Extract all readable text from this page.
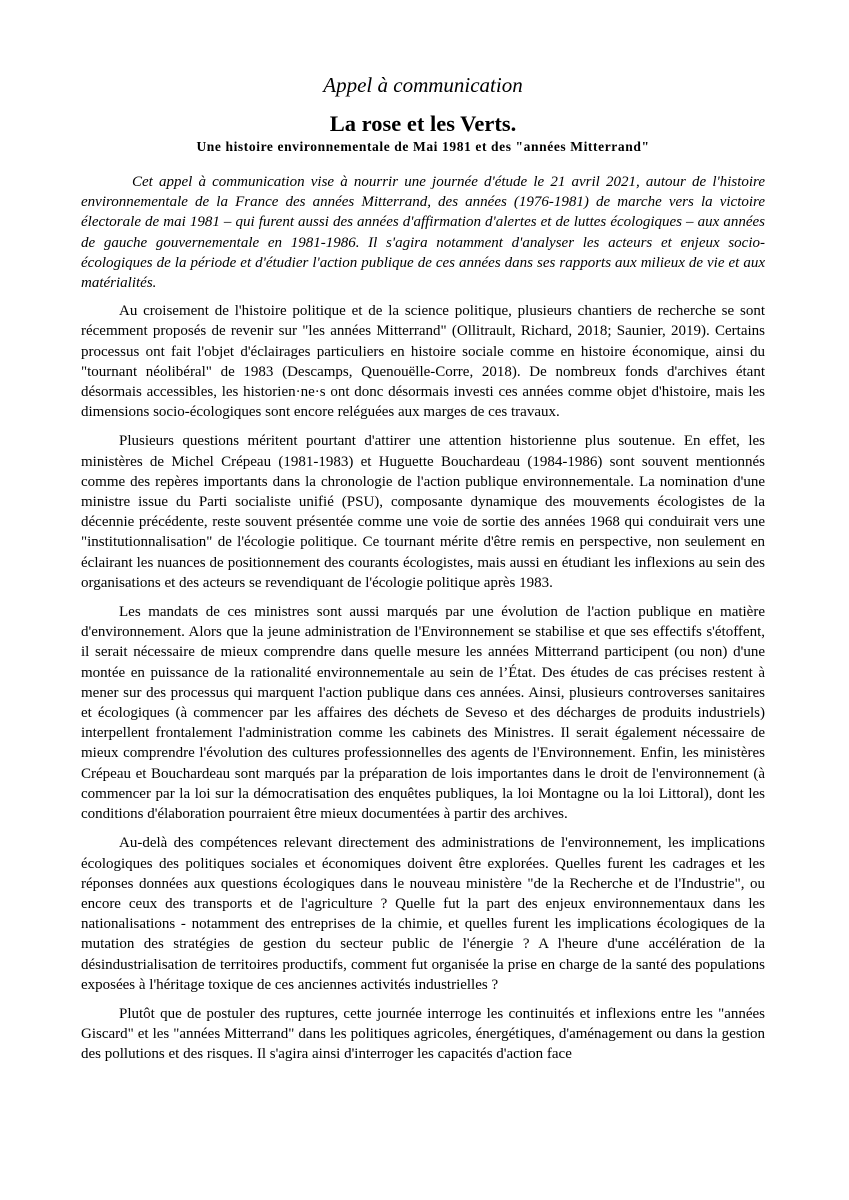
Appel à communication

La rose et les Verts.

Une histoire environnementale de Mai 1981 et des "années Mitterrand"

Cet appel à communication vise à nourrir une journée d'étude le 21 avril 2021, autour de l'histoire environnementale de la France des années Mitterrand, des années (1976-1981) de marche vers la victoire électorale de mai 1981 – qui furent aussi des années d'affirmation d'alertes et de luttes écologiques – aux années de gauche gouvernementale en 1981-1986. Il s'agira notamment d'analyser les acteurs et enjeux socio-écologiques de la période et d'étudier l'action publique de ces années dans ses rapports aux milieux de vie et aux matérialités.

Au croisement de l'histoire politique et de la science politique, plusieurs chantiers de recherche se sont récemment proposés de revenir sur "les années Mitterrand" (Ollitrault, Richard, 2018; Saunier, 2019). Certains processus ont fait l'objet d'éclairages particuliers en histoire sociale comme en histoire économique, ainsi du "tournant néolibéral" de 1983 (Descamps, Quenouëlle-Corre, 2018). De nombreux fonds d'archives étant désormais accessibles, les historien·ne·s ont donc désormais investi ces années comme objet d'histoire, mais les dimensions socio-écologiques sont encore reléguées aux marges de ces travaux.

Plusieurs questions méritent pourtant d'attirer une attention historienne plus soutenue. En effet, les ministères de Michel Crépeau (1981-1983) et Huguette Bouchardeau (1984-1986) sont souvent mentionnés comme des repères importants dans la chronologie de l'action publique environnementale. La nomination d'une ministre issue du Parti socialiste unifié (PSU), composante dynamique des mouvements écologistes de la décennie précédente, reste souvent présentée comme une voie de sortie des années 1968 qui conduirait vers une "institutionnalisation" de l'écologie politique. Ce tournant mérite d'être remis en perspective, non seulement en éclairant les nuances de positionnement des courants écologistes, mais aussi en étudiant les inflexions au sein des organisations et des acteurs se revendiquant de l'écologie politique après 1983.

Les mandats de ces ministres sont aussi marqués par une évolution de l'action publique en matière d'environnement. Alors que la jeune administration de l'Environnement se stabilise et que ses effectifs s'étoffent, il serait nécessaire de mieux comprendre dans quelle mesure les années Mitterrand participent (ou non) d'une montée en puissance de la rationalité environnementale au sein de l’État. Des études de cas précises restent à mener sur des processus qui marquent l'action publique dans ces années. Ainsi, plusieurs controverses sanitaires et écologiques (à commencer par les affaires des déchets de Seveso et des décharges de produits industriels) interpellent frontalement l'administration comme les cabinets des Ministres. Il serait également nécessaire de mieux comprendre l'évolution des cultures professionnelles des agents de l'Environnement. Enfin, les ministères Crépeau et Bouchardeau sont marqués par la préparation de lois importantes dans le droit de l'environnement (à commencer par la loi sur la démocratisation des enquêtes publiques, la loi Montagne ou la loi Littoral), dont les conditions d'élaboration pourraient être mieux documentées à partir des archives.

Au-delà des compétences relevant directement des administrations de l'environnement, les implications écologiques des politiques sociales et économiques doivent être explorées. Quelles furent les cadrages et les réponses données aux questions écologiques dans le nouveau ministère "de la Recherche et de l'Industrie", ou encore ceux des transports et de l'agriculture ? Quelle fut la part des enjeux environnementaux dans les nationalisations - notamment des entreprises de la chimie, et quelles furent les implications écologiques de la mutation des stratégies de gestion du secteur public de l'énergie ? A l'heure d'une accélération de la désindustrialisation de territoires productifs, comment fut organisée la prise en charge de la santé des populations exposées à l'héritage toxique de ces anciennes activités industrielles ?

Plutôt que de postuler des ruptures, cette journée interroge les continuités et inflexions entre les "années Giscard" et les "années Mitterrand" dans les politiques agricoles, énergétiques, d'aménagement ou dans la gestion des pollutions et des risques. Il s'agira ainsi d'interroger les capacités d'action face
